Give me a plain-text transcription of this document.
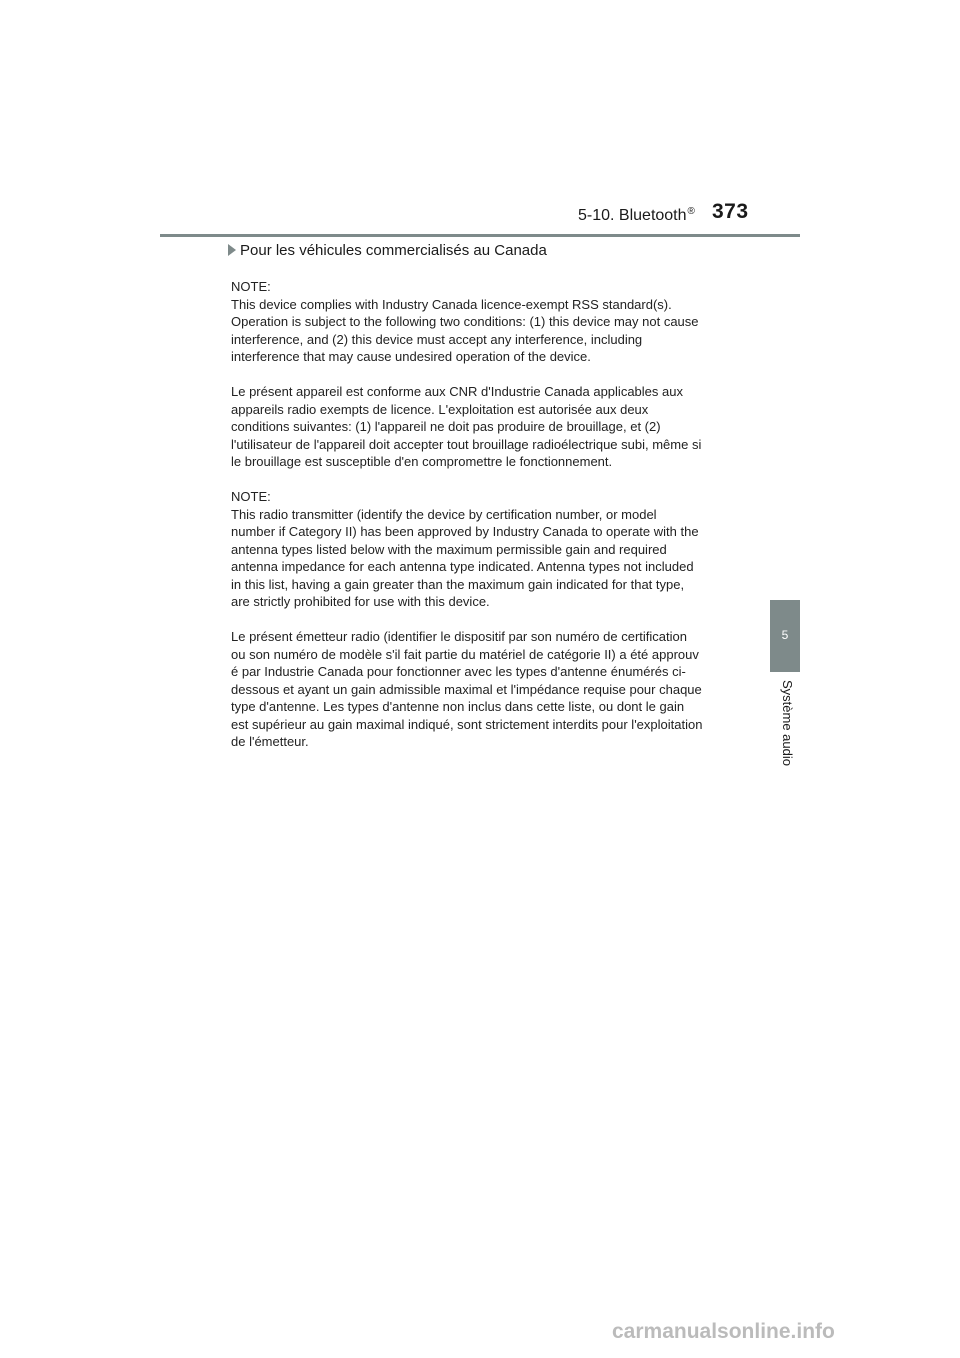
5-10. Bluetooth® 373
Pour les véhicules commercialisés au Canada

NOTE:
This device complies with Industry Canada licence-exempt RSS standard(s).
Operation is subject to the following two conditions: (1) this device may not cause
interference, and (2) this device must accept any interference, including
interference that may cause undesired operation of the device.

Le présent appareil est conforme aux CNR d'Industrie Canada applicables aux
appareils radio exempts de licence. L'exploitation est autorisée aux deux
conditions suivantes: (1) l'appareil ne doit pas produire de brouillage, et (2)
l'utilisateur de l'appareil doit accepter tout brouillage radioélectrique subi, même si
le brouillage est susceptible d'en compromettre le fonctionnement.

NOTE:
This radio transmitter (identify the device by certification number, or model
number if Category II) has been approved by Industry Canada to operate with the
antenna types listed below with the maximum permissible gain and required
antenna impedance for each antenna type indicated. Antenna types not included
in this list, having a gain greater than the maximum gain indicated for that type,
are strictly prohibited for use with this device.

Le présent émetteur radio (identifier le dispositif par son numéro de certification
ou son numéro de modèle s'il fait partie du matériel de catégorie II) a été approuv
é par Industrie Canada pour fonctionner avec les types d'antenne énumérés ci-
dessous et ayant un gain admissible maximal et l'impédance requise pour chaque
type d'antenne. Les types d'antenne non inclus dans cette liste, ou dont le gain
est supérieur au gain maximal indiqué, sont strictement interdits pour l'exploitation
de l'émetteur.

5
Système audio
carmanualsonline.info
